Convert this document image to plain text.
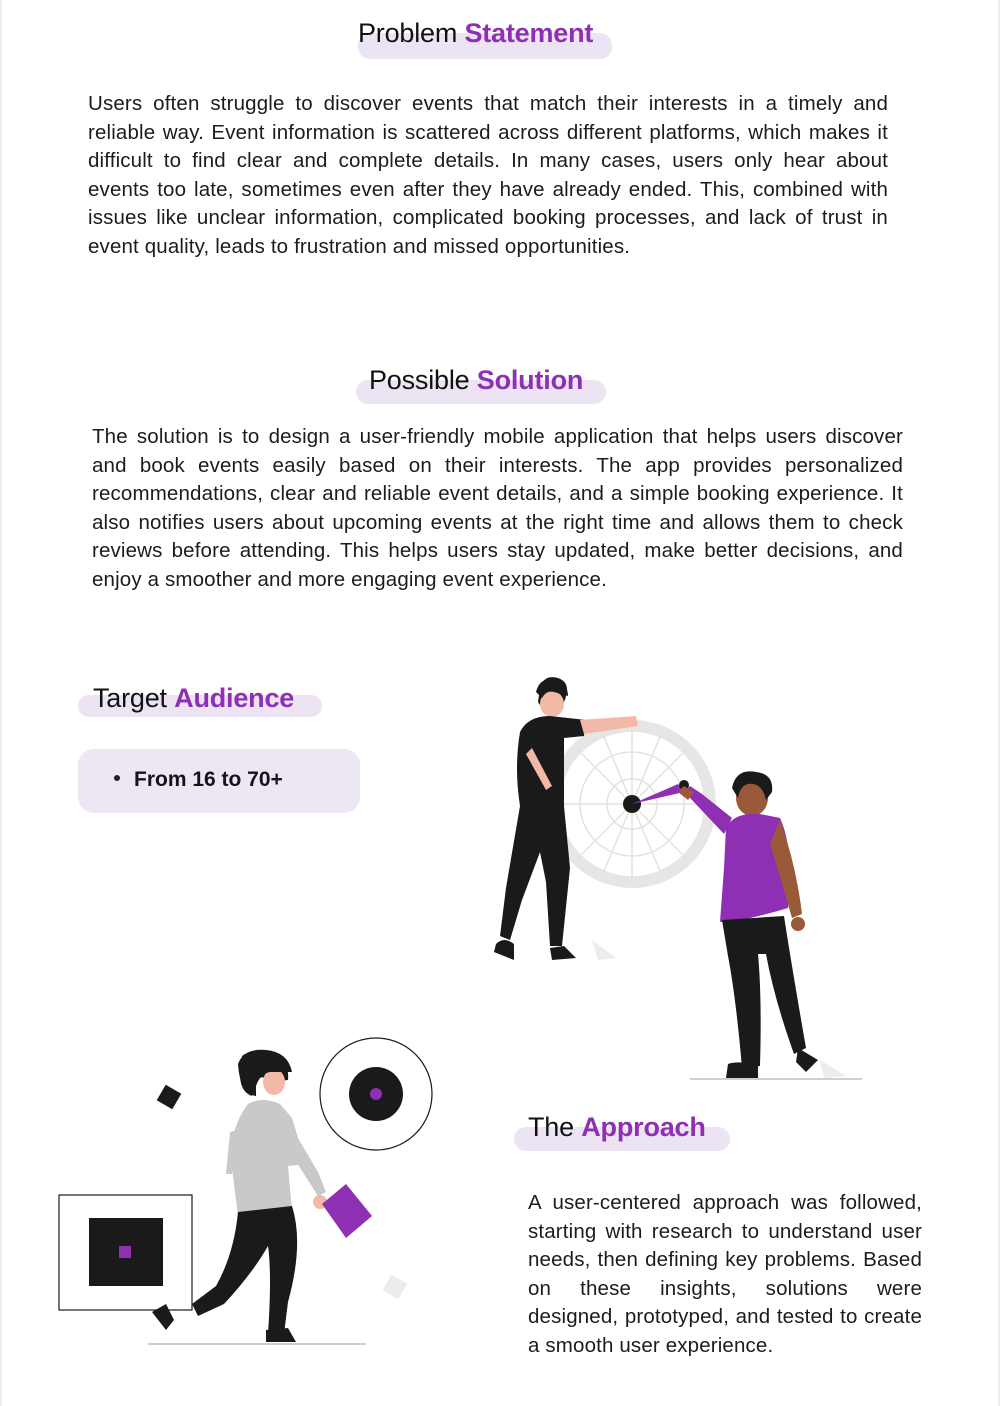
Problem Statement

Users often struggle to discover events that match their interests in a timely and reliable way. Event information is scattered across different platforms, which makes it difficult to find clear and complete details. In many cases, users only hear about events too late, sometimes even after they have already ended. This, combined with issues like unclear information, complicated booking processes, and lack of trust in event quality, leads to frustration and missed opportunities.

Possible Solution

The solution is to design a user-friendly mobile application that helps users discover and book events easily based on their interests. The app provides personalized recommendations, clear and reliable event details, and a simple booking experience. It also notifies users about upcoming events at the right time and allows them to check reviews before attending. This helps users stay updated, make better decisions, and enjoy a smoother and more engaging event experience.

Target Audience
From 16 to 70+
The Approach

A user-centered approach was followed, starting with research to understand user needs, then defining key problems. Based on these insights, solutions were designed, prototyped, and tested to create a smooth user experience.
